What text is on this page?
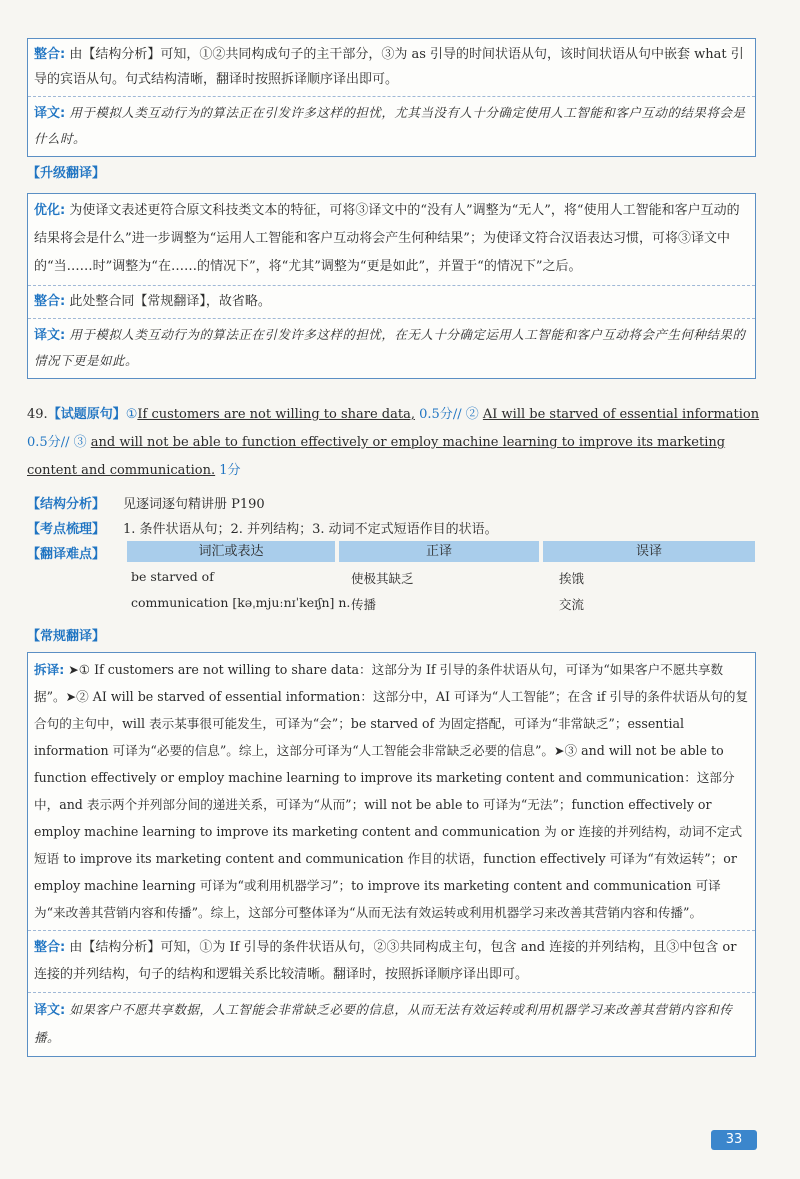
整合: 由【结构分析】可知，①②共同构成句子的主干部分，③为 as 引导的时间状语从句，该时间状语从句中嵌套 what 引导的宾语从句。句式结构清晰，翻译时按照拆译顺序译出即可。
译文: 用于模拟人类互动行为的算法正在引发许多这样的担忧，尤其当没有人十分确定使用人工智能和客户互动的结果将会是什么时。
【升级翻译】
优化: 为使译文表述更符合原文科技类文本的特征，可将③译文中的“没有人”调整为“无人”，将“使用人工智能和客户互动的结果将会是什么”进一步调整为“运用人工智能和客户互动将会产生何种结果”；为使译文符合汉语表达习惯，可将③译文中的“当……时”调整为“在……的情况下”，将“尤其”调整为“更是如此”，并置于“的情况下”之后。
整合: 此处整合同【常规翻译】，故省略。
译文: 用于模拟人类互动行为的算法正在引发许多这样的担忧，在无人十分确定运用人工智能和客户互动将会产生何种结果的情况下更是如此。
49.【试题原句】①If customers are not willing to share data, 0.5分// ② AI will be starved of essential information 0.5分// ③ and will not be able to function effectively or employ machine learning to improve its marketing content and communication. 1分
【结构分析】 见逐词逐句精讲册 P190
【考点梳理】 1. 条件状语从句；2. 并列结构；3. 动词不定式短语作目的状语。
【翻译难点】	词汇或表达	正译	误译
be starved of	使极其缺乏	挨饿
communication [kəˌmjuːnɪˈkeɪʃn] n. 传播	交流
【常规翻译】
拆译: ➤① If customers are not willing to share data：这部分为 If 引导的条件状语从句，可译为“如果客户不愿共享数据”。➤② AI will be starved of essential information：这部分中，AI 可译为“人工智能”；在含 if 引导的条件状语从句的复合句的主句中，will 表示某事很可能发生，可译为“会”；be starved of 为固定搭配，可译为“非常缺乏”；essential information 可译为“必要的信息”。综上，这部分可译为“人工智能会非常缺乏必要的信息”。➤③ and will not be able to function effectively or employ machine learning to improve its marketing content and communication：这部分中，and 表示两个并列部分间的递进关系，可译为“从而”；will not be able to 可译为“无法”；function effectively or employ machine learning to improve its marketing content and communication 为 or 连接的并列结构，动词不定式短语 to improve its marketing content and communication 作目的状语，function effectively 可译为“有效运转”；or employ machine learning 可译为“或利用机器学习”；to improve its marketing content and communication 可译为“来改善其营销内容和传播”。综上，这部分可整体译为“从而无法有效运转或利用机器学习来改善其营销内容和传播”。
整合: 由【结构分析】可知，①为 If 引导的条件状语从句，②③共同构成主句，包含 and 连接的并列结构，且③中包含 or 连接的并列结构，句子的结构和逻辑关系比较清晰。翻译时，按照拆译顺序译出即可。
译文: 如果客户不愿共享数据，人工智能会非常缺乏必要的信息，从而无法有效运转或利用机器学习来改善其营销内容和传播。
33
